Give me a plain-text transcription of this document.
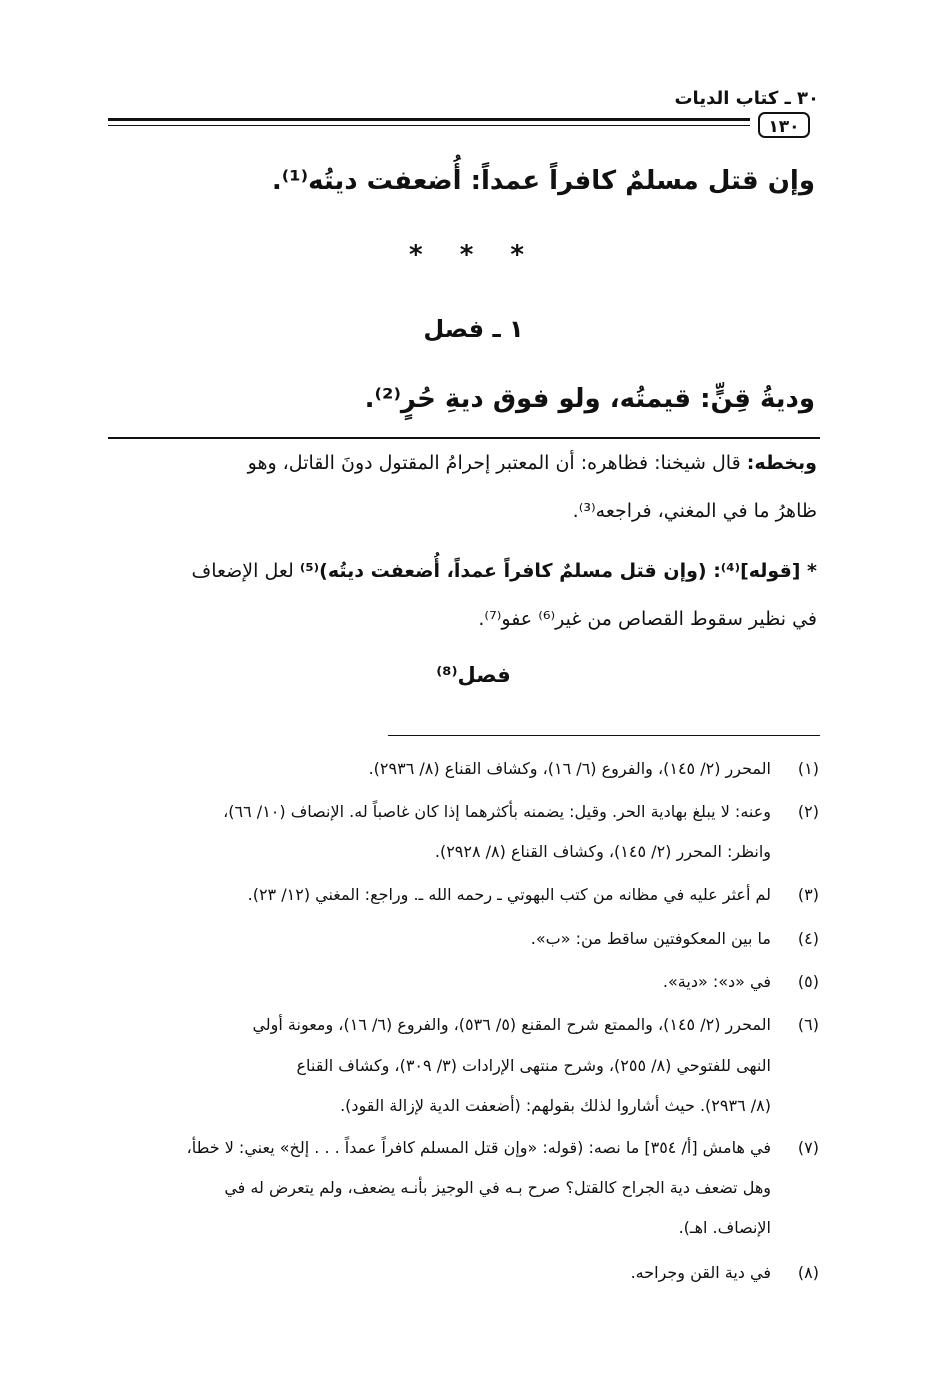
٣٠ ـ كتاب الديات
١٣٠
وإن قتل مسلمٌ كافراً عمداً: أُضعفت ديتُه⁽¹⁾.
* * *
١ ـ فصل
وديةُ قِنٍّ: قيمتُه، ولو فوق ديةِ حُرٍ⁽²⁾.
وبخطه: قال شيخنا: فظاهره: أن المعتبر إحرامُ المقتول دونَ القاتل، وهو
ظاهرُ ما في المغني، فراجعه⁽³⁾.
* [قوله]⁽⁴⁾: (وإن قتل مسلمٌ كافراً عمداً، أُضعفت ديتُه)⁽⁵⁾ لعل الإضعاف
في نظير سقوط القصاص من غير⁽⁶⁾ عفو⁽⁷⁾.
فصل⁽⁸⁾
(١)
المحرر (٢/ ١٤٥)، والفروع (٦/ ١٦)، وكشاف القناع (٨/ ٢٩٣٦).
(٢)
وعنه: لا يبلغ بهادية الحر. وقيل: يضمنه بأكثرهما إذا كان غاصباً له. الإنصاف (١٠/ ٦٦)،
وانظر: المحرر (٢/ ١٤٥)، وكشاف القناع (٨/ ٢٩٢٨).
(٣)
لم أعثر عليه في مظانه من كتب البهوتي ـ رحمه الله ـ. وراجع: المغني (١٢/ ٢٣).
(٤)
ما بين المعكوفتين ساقط من: «ب».
(٥)
في «د»: «دية».
(٦)
المحرر (٢/ ١٤٥)، والممتع شرح المقنع (٥/ ٥٣٦)، والفروع (٦/ ١٦)، ومعونة أولي
النهى للفتوحي (٨/ ٢٥٥)، وشرح منتهى الإرادات (٣/ ٣٠٩)، وكشاف القناع
(٨/ ٢٩٣٦). حيث أشاروا لذلك بقولهم: (أضعفت الدية لإزالة القود).
(٧)
في هامش [أ/ ٣٥٤] ما نصه: (قوله: «وإن قتل المسلم كافراً عمداً . . . إلخ» يعني: لا خطأ،
وهل تضعف دية الجراح كالقتل؟ صرح بـه في الوجيز بأنـه يضعف، ولم يتعرض له في
الإنصاف. اهـ).
(٨)
في دية القن وجراحه.
